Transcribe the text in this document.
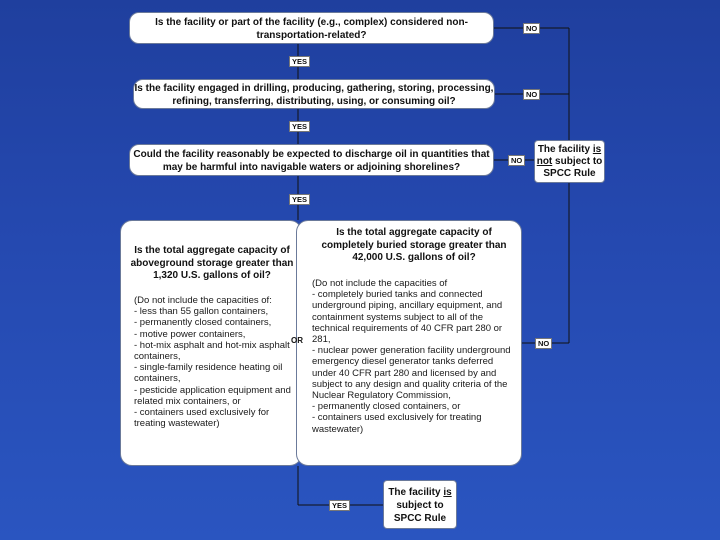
Is the facility or part of the facility (e.g., complex) considered non-transportation-related?
Is the facility engaged in drilling, producing, gathering, storing, processing, refining, transferring, distributing, using, or consuming oil?
Could the facility reasonably be expected to discharge oil in quantities that may be harmful into navigable waters or adjoining shorelines?
The facility is not subject to SPCC Rule
The facility is subject to SPCC Rule
Is the total aggregate capacity of aboveground storage greater than 1,320 U.S. gallons of oil?
(Do not include the capacities of:
- less than 55 gallon containers,
- permanently closed containers,
- motive power containers,
- hot-mix asphalt and hot-mix asphalt containers,
- single-family residence heating oil containers,
- pesticide application equipment and related mix containers, or
- containers used exclusively for treating wastewater)
Is the total aggregate capacity of completely buried storage greater than 42,000 U.S. gallons of oil?
(Do not include the capacities of
- completely buried tanks and connected underground piping, ancillary equipment, and containment systems subject to all of the technical requirements of 40 CFR part 280 or 281,
- nuclear power generation facility underground emergency diesel generator tanks deferred under 40 CFR part 280 and licensed by and subject to any design and quality criteria of the Nuclear Regulatory Commission,
- permanently closed containers, or
- containers used exclusively for treating wastewater)
OR
YES
YES
YES
YES
NO
NO
NO
NO
